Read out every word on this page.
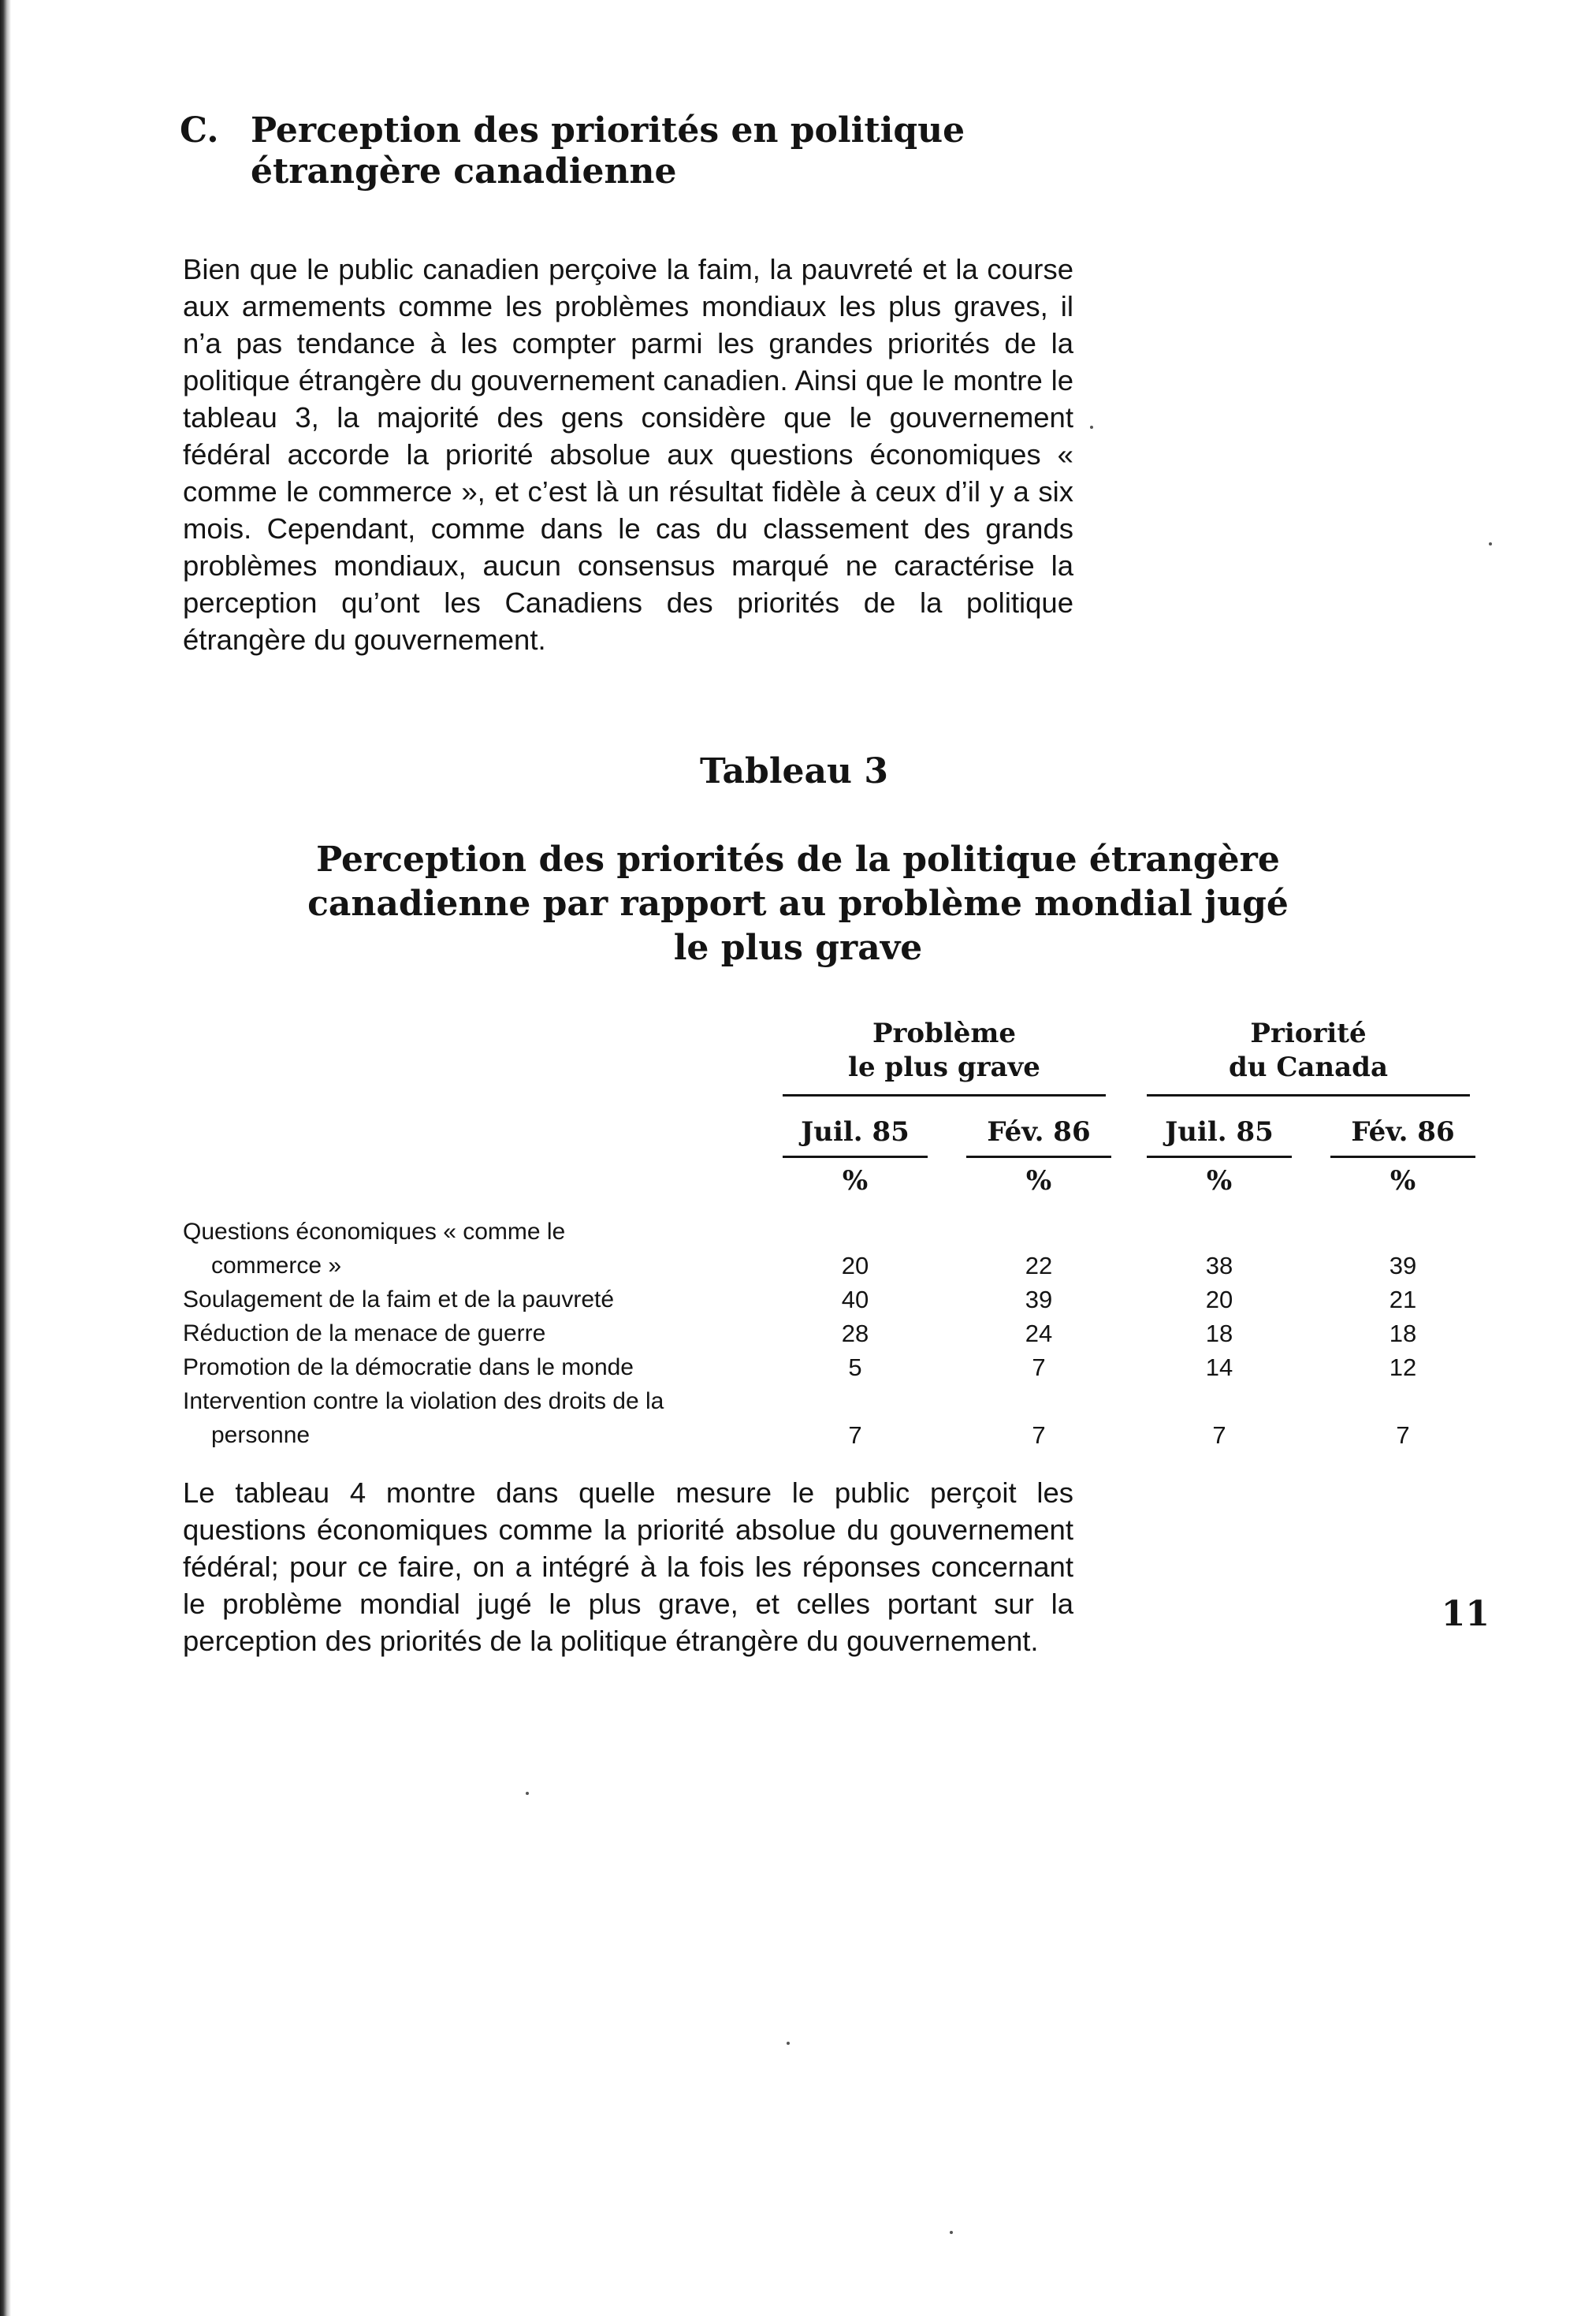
C. Perception des priorités en politique
étrangère canadienne

Bien que le public canadien perçoive la faim, la pauvreté et la course aux armements comme les problèmes mondiaux les plus graves, il n’a pas tendance à les compter parmi les grandes priorités de la politique étrangère du gouvernement canadien. Ainsi que le montre le tableau 3, la majorité des gens considère que le gouvernement fédéral accorde la priorité absolue aux questions économiques « comme le commerce », et c’est là un résultat fidèle à ceux d’il y a six mois. Cependant, comme dans le cas du classement des grands problèmes mondiaux, aucun consensus marqué ne caractérise la perception qu’ont les Canadiens des priorités de la politique étrangère du gouvernement.

Tableau 3
Perception des priorités de la politique étrangère
canadienne par rapport au problème mondial jugé
le plus grave
Problème
le plus grave
Priorité
du Canada
Juil. 85	Fév. 86	Juil. 85	Fév. 86
%	%	%	%
Questions économiques « comme le
commerce »	20	22	38	39
Soulagement de la faim et de la pauvreté	40	39	20	21
Réduction de la menace de guerre	28	24	18	18
Promotion de la démocratie dans le monde	5	7	14	12
Intervention contre la violation des droits de la
personne	7	7	7	7

Le tableau 4 montre dans quelle mesure le public perçoit les questions économiques comme la priorité absolue du gouvernement fédéral; pour ce faire, on a intégré à la fois les réponses concernant le problème mondial jugé le plus grave, et celles portant sur la perception des priorités de la politique étrangère du gouvernement.

11
